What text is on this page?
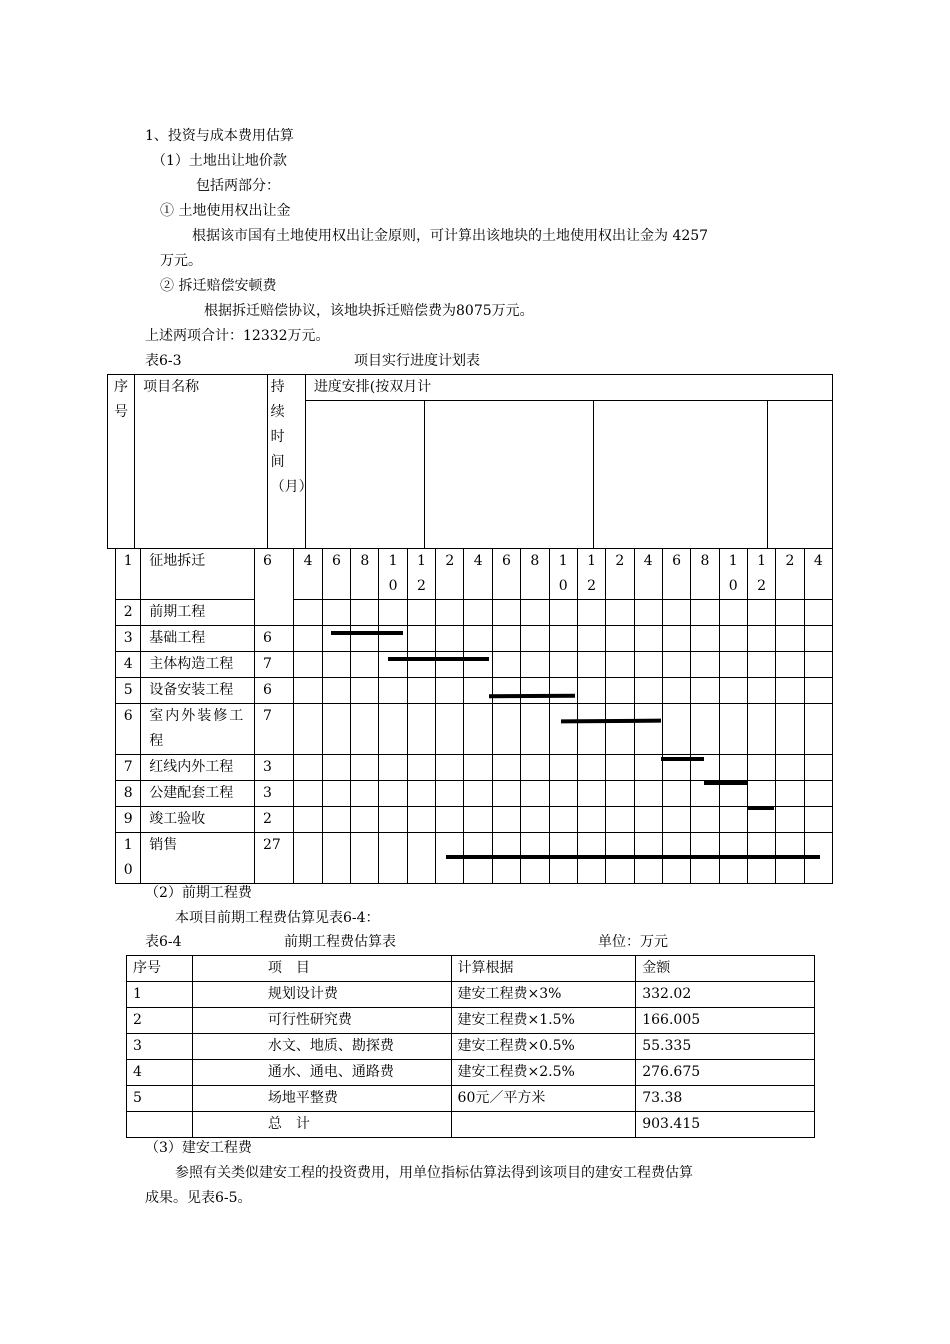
1、投资与成本费用估算
（1）土地出让地价款
包括两部分：
① 土地使用权出让金
根据该市国有土地使用权出让金原则，可计算出该地块的土地使用权出让金为 4257
万元。
② 拆迁赔偿安顿费
根据拆迁赔偿协议，该地块拆迁赔偿费为8075万元。
上述两项合计：12332万元。
表6-3	项目实行进度计划表
序号	项目名称	持续时间（月）	进度安排(按双月计			

1	征地拆迁	6	4	6	8	10	12	2	4	6	8	10	12	2	4	6	8	10	12	2	4
2	前期工程																				
3	基础工程	6																			
4	主体构造工程	7																			
5	设备安装工程	6																			
6	室内外装修工程	7																			
7	红线内外工程	3																			
8	公建配套工程	3																			
9	竣工验收	2																			
10	销售	27																			
（2）前期工程费
本项目前期工程费估算见表6-4：
表6-4	前期工程费估算表	单位：万元
序号	项　目	计算根据	金额
1	规划设计费	建安工程费×3%	332.02
2	可行性研究费	建安工程费×1.5%	166.005
3	水文、地质、勘探费	建安工程费×0.5%	55.335
4	通水、通电、通路费	建安工程费×2.5%	276.675
5	场地平整费	60元／平方米	73.38
	总　计		903.415
（3）建安工程费
参照有关类似建安工程的投资费用，用单位指标估算法得到该项目的建安工程费估算
成果。见表6-5。
